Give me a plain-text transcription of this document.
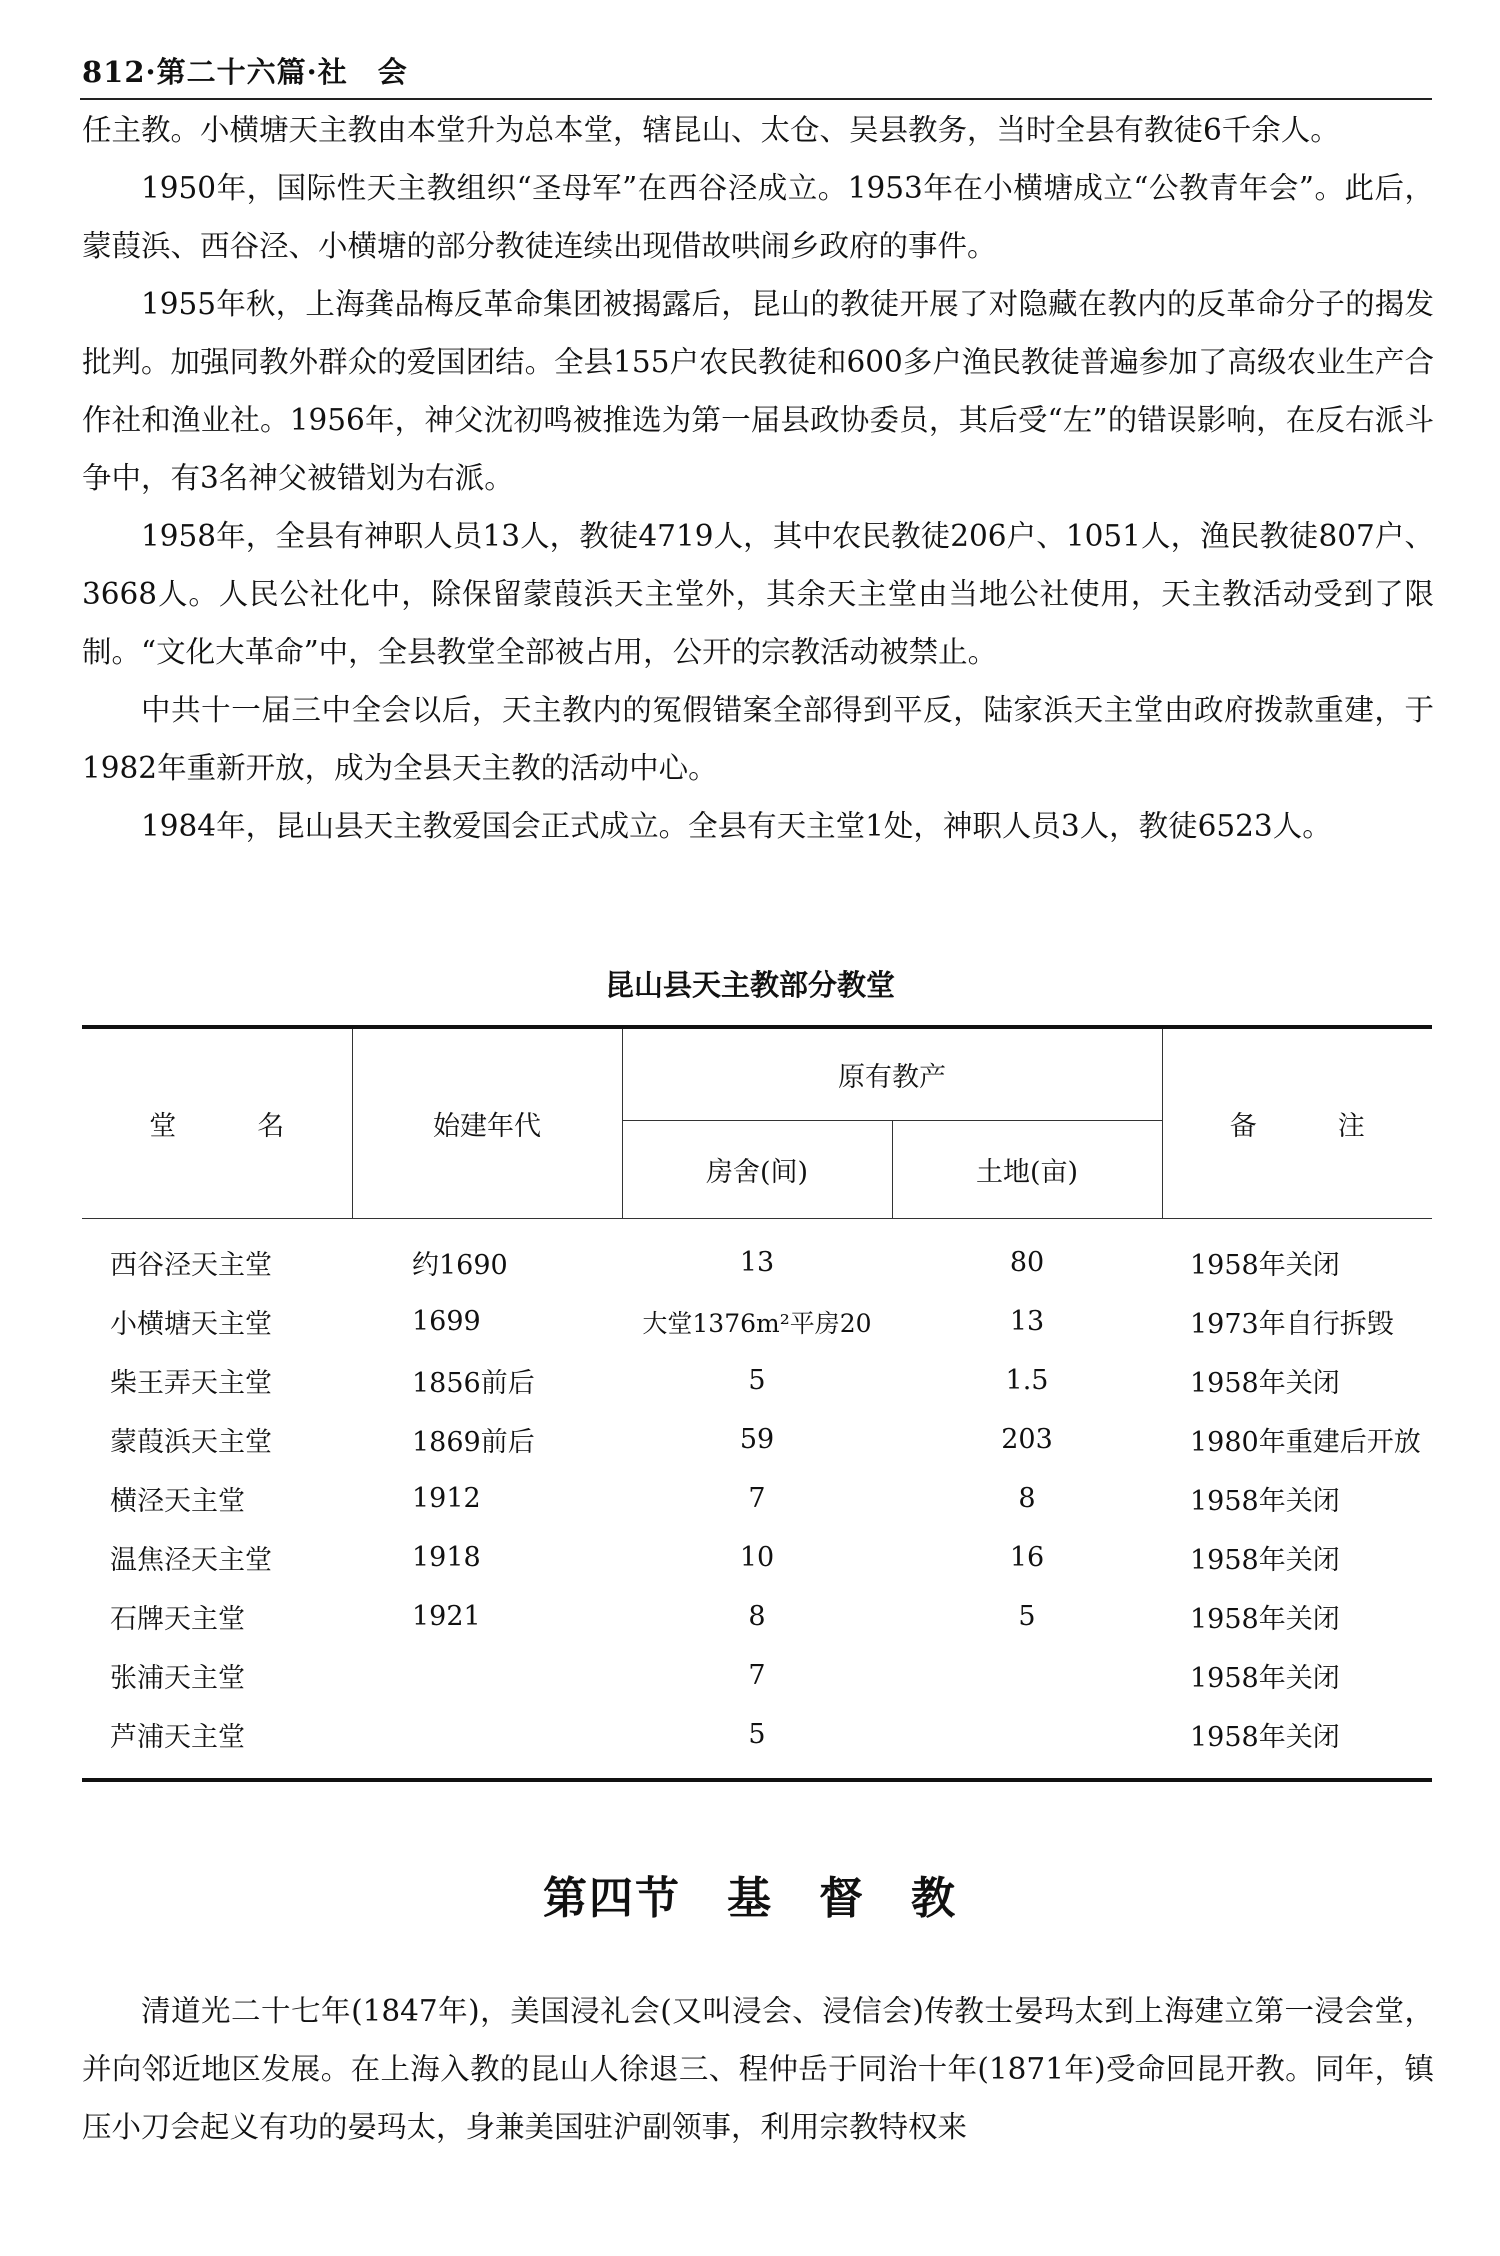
812·第二十六篇·社　会

任主教。小横塘天主教由本堂升为总本堂，辖昆山、太仓、吴县教务，当时全县有教徒6千余人。

1950年，国际性天主教组织“圣母军”在西谷泾成立。1953年在小横塘成立“公教青年会”。此后，蒙葭浜、西谷泾、小横塘的部分教徒连续出现借故哄闹乡政府的事件。

1955年秋，上海龚品梅反革命集团被揭露后，昆山的教徒开展了对隐藏在教内的反革命分子的揭发批判。加强同教外群众的爱国团结。全县155户农民教徒和600多户渔民教徒普遍参加了高级农业生产合作社和渔业社。1956年，神父沈初鸣被推选为第一届县政协委员，其后受“左”的错误影响，在反右派斗争中，有3名神父被错划为右派。

1958年，全县有神职人员13人，教徒4719人，其中农民教徒206户、1051人，渔民教徒807户、3668人。人民公社化中，除保留蒙葭浜天主堂外，其余天主堂由当地公社使用，天主教活动受到了限制。“文化大革命”中，全县教堂全部被占用，公开的宗教活动被禁止。

中共十一届三中全会以后，天主教内的冤假错案全部得到平反，陆家浜天主堂由政府拨款重建，于1982年重新开放，成为全县天主教的活动中心。

1984年，昆山县天主教爱国会正式成立。全县有天主堂1处，神职人员3人，教徒6523人。

昆山县天主教部分教堂
堂　　　名	始建年代	原有教产		备　　　注
		房舍(间)	土地(亩)	
西谷泾天主堂	约1690	13	80	1958年关闭
小横塘天主堂	1699	大堂1376m²平房20	13	1973年自行拆毁
柴王弄天主堂	1856前后	5	1.5	1958年关闭
蒙葭浜天主堂	1869前后	59	203	1980年重建后开放
横泾天主堂	1912	7	8	1958年关闭
温焦泾天主堂	1918	10	16	1958年关闭
石牌天主堂	1921	8	5	1958年关闭
张浦天主堂		7		1958年关闭
芦浦天主堂		5		1958年关闭
第四节　基　督　教

清道光二十七年(1847年)，美国浸礼会(又叫浸会、浸信会)传教士晏玛太到上海建立第一浸会堂，并向邻近地区发展。在上海入教的昆山人徐退三、程仲岳于同治十年(1871年)受命回昆开教。同年，镇压小刀会起义有功的晏玛太，身兼美国驻沪副领事，利用宗教特权来
